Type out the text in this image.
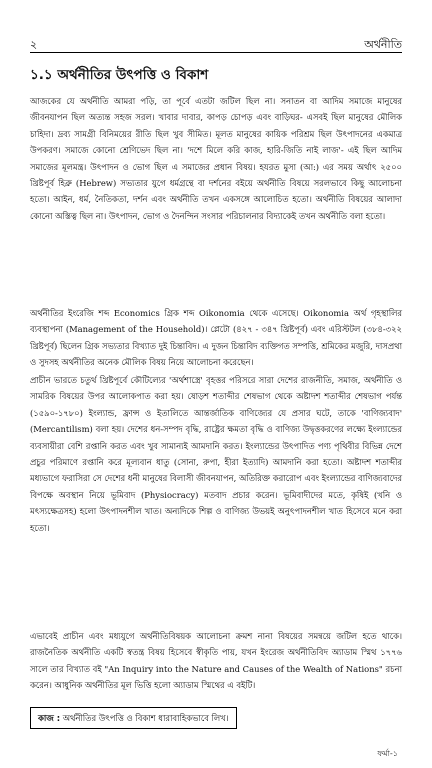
২	অর্থনীতি
১.১ অর্থনীতির উৎপত্তি ও বিকাশ

আজকের যে অর্থনীতি আমরা পড়ি, তা পূর্বে এতটা জটিল ছিল না। সনাতন বা আদিম সমাজে মানুষের জীবনযাপন ছিল অত্যন্ত সহজ সরল। খাবার দাবার, কাপড় চোপড় এবং বাড়িঘর- এসবই ছিল মানুষের মৌলিক চাহিদা। দ্রব্য সামগ্রী বিনিময়ের রীতি ছিল খুব সীমিত। মূলত মানুষের কায়িক পরিশ্রম ছিল উৎপাদনের একমাত্র উপকরণ। সমাজে কোনো শ্রেণিভেদ ছিল না। 'দশে মিলে করি কাজ, হারি-জিতি নাই লাজ'- এই ছিল আদিম সমাজের মূলমন্ত্র। উৎপাদন ও ভোগ ছিল এ সমাজের প্রধান বিষয়। হযরত মুসা (আ:) এর সময় অর্থাৎ ২৫০০ খ্রিষ্টপূর্ব হিব্রু (Hebrew) সভ্যতার যুগে ধর্মগ্রন্থে বা দর্শনের বইয়ে অর্থনীতি বিষয়ে সরলভাবে কিছু আলোচনা হতো। আইন, ধর্ম, নৈতিকতা, দর্শন এবং অর্থনীতি তখন একসঙ্গে আলোচিত হতো। অর্থনীতি বিষয়ের আলাদা কোনো অস্তিত্ব ছিল না। উৎপাদন, ভোগ ও দৈনন্দিন সংসার পরিচালনার বিদ্যাকেই তখন অর্থনীতি বলা হতো।

অর্থনীতির ইংরেজি শব্দ Economics গ্রিক শব্দ Oikonomia থেকে এসেছে। Oikonomia অর্থ গৃহস্থালির ব্যবস্থাপনা (Management of the Household)। প্লেটো (৪২৭ - ৩৪৭ খ্রিষ্টপূর্ব) এবং এরিস্টটল (৩৮৪-৩২২ খ্রিষ্টপূর্ব) ছিলেন গ্রিক সভ্যতার বিখ্যাত দুই চিন্তাবিদ। এ দুজন চিন্তাবিদ ব্যক্তিগত সম্পত্তি, শ্রমিকের মজুরি, দাসপ্রথা ও সুদসহ অর্থনীতির অনেক মৌলিক বিষয় নিয়ে আলোচনা করেছেন।

প্রাচীন ভারতে চতুর্থ খ্রিষ্টপূর্বে কৌটিল্যের 'অর্থশাস্ত্রে' বৃহত্তর পরিসরে সারা দেশের রাজনীতি, সমাজ, অর্থনীতি ও সামরিক বিষয়ের উপর আলোকপাত করা হয়। ষোড়শ শতাব্দীর শেষভাগ থেকে অষ্টাদশ শতাব্দীর শেষভাগ পর্যন্ত (১৫৯০-১৭৮০) ইংল্যান্ড, ফ্রান্স ও ইতালিতে আন্তর্জাতিক বাণিজ্যের যে প্রসার ঘটে, তাকে 'বাণিজ্যবাদ' (Mercantilism) বলা হয়। দেশের ধন-সম্পদ বৃদ্ধি, রাষ্ট্রের ক্ষমতা বৃদ্ধি ও বাণিজ্য উদ্বৃত্তকরণের লক্ষ্যে ইংল্যান্ডের ব্যবসায়ীরা বেশি রপ্তানি করত এবং খুব সামান্যই আমদানি করত। ইংল্যান্ডের উৎপাদিত পণ্য পৃথিবীর বিভিন্ন দেশে প্রচুর পরিমাণে রপ্তানি করে মূল্যবান ধাতু (সোনা, রুপা, হীরা ইত্যাদি) আমদানি করা হতো। অষ্টাদশ শতাব্দীর মধ্যভাগে ফরাসিরা সে দেশের ধনী মানুষের বিলাসী জীবনযাপন, অতিরিক্ত করারোপ এবং ইংল্যান্ডের বাণিজ্যবাদের বিপক্ষে অবস্থান নিয়ে ভূমিবাদ (Physiocracy) মতবাদ প্রচার করেন। ভূমিবাদীদের মতে, কৃষিই (খনি ও মৎস্যক্ষেত্রসহ) হলো উৎপাদনশীল খাত। অন্যদিকে শিল্প ও বাণিজ্য উভয়ই অনুৎপাদনশীল খাত হিসেবে মনে করা হতো।

এভাবেই প্রাচীন এবং মধ্যযুগে অর্থনীতিবিষয়ক আলোচনা ক্রমশ নানা বিষয়ের সমন্বয়ে জটিল হতে থাকে। রাজনৈতিক অর্থনীতি একটি স্বতন্ত্র বিষয় হিসেবে স্বীকৃতি পায়, যখন ইংরেজ অর্থনীতিবিদ অ্যাডাম স্মিথ ১৭৭৬ সালে তার বিখ্যাত বই "An Inquiry into the Nature and Causes of the Wealth of Nations" রচনা করেন। আধুনিক অর্থনীতির মূল ভিত্তি হলো অ্যাডাম স্মিথের এ বইটি।

কাজ : অর্থনীতির উৎপত্তি ও বিকাশ ধারাবাহিকভাবে লিখ।
ফর্মা-১
